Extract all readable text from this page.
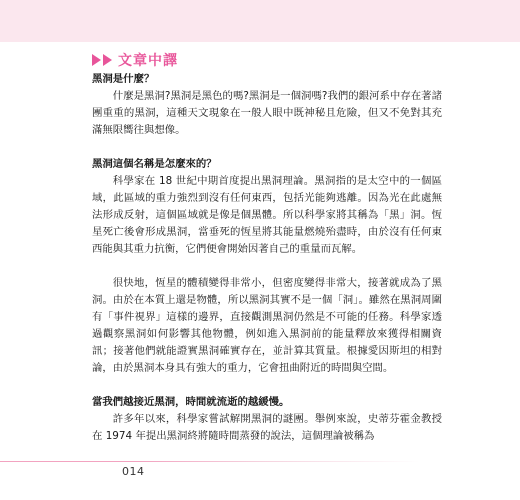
文章中譯

黑洞是什麼？

什麼是黑洞?黑洞是黑色的嗎?黑洞是一個洞嗎?我們的銀河系中存在著諸團重重的黑洞，這種天文現象在一般人眼中既神秘且危險，但又不免對其充滿無限嚮往與想像。

黑洞這個名稱是怎麼來的？

科學家在 18 世紀中期首度提出黑洞理論。黑洞指的是太空中的一個區域，此區域的重力強烈到沒有任何東西，包括光能夠逃離。因為光在此處無法形成反射，這個區域就是像是個黑體。所以科學家將其稱為「黑」洞。恆星死亡後會形成黑洞，當垂死的恆星將其能量燃燒殆盡時，由於沒有任何東西能與其重力抗衡，它們便會開始因著自己的重量而瓦解。

很快地，恆星的體積變得非常小，但密度變得非常大，接著就成為了黑洞。由於在本質上還是物體，所以黑洞其實不是一個「洞」。雖然在黑洞周圍有「事件視界」這樣的邊界，直接觀測黑洞仍然是不可能的任務。科學家透過觀察黑洞如何影響其他物體，例如進入黑洞前的能量釋放來獲得相關資訊；接著他們就能證實黑洞確實存在，並計算其質量。根據愛因斯坦的相對論，由於黑洞本身具有強大的重力，它會扭曲附近的時間與空間。

當我們越接近黑洞，時間就流逝的越緩慢。

許多年以來，科學家嘗試解開黑洞的謎團。舉例來說，史蒂芬霍金教授在 1974 年提出黑洞終將隨時間蒸發的說法，這個理論被稱為

014
